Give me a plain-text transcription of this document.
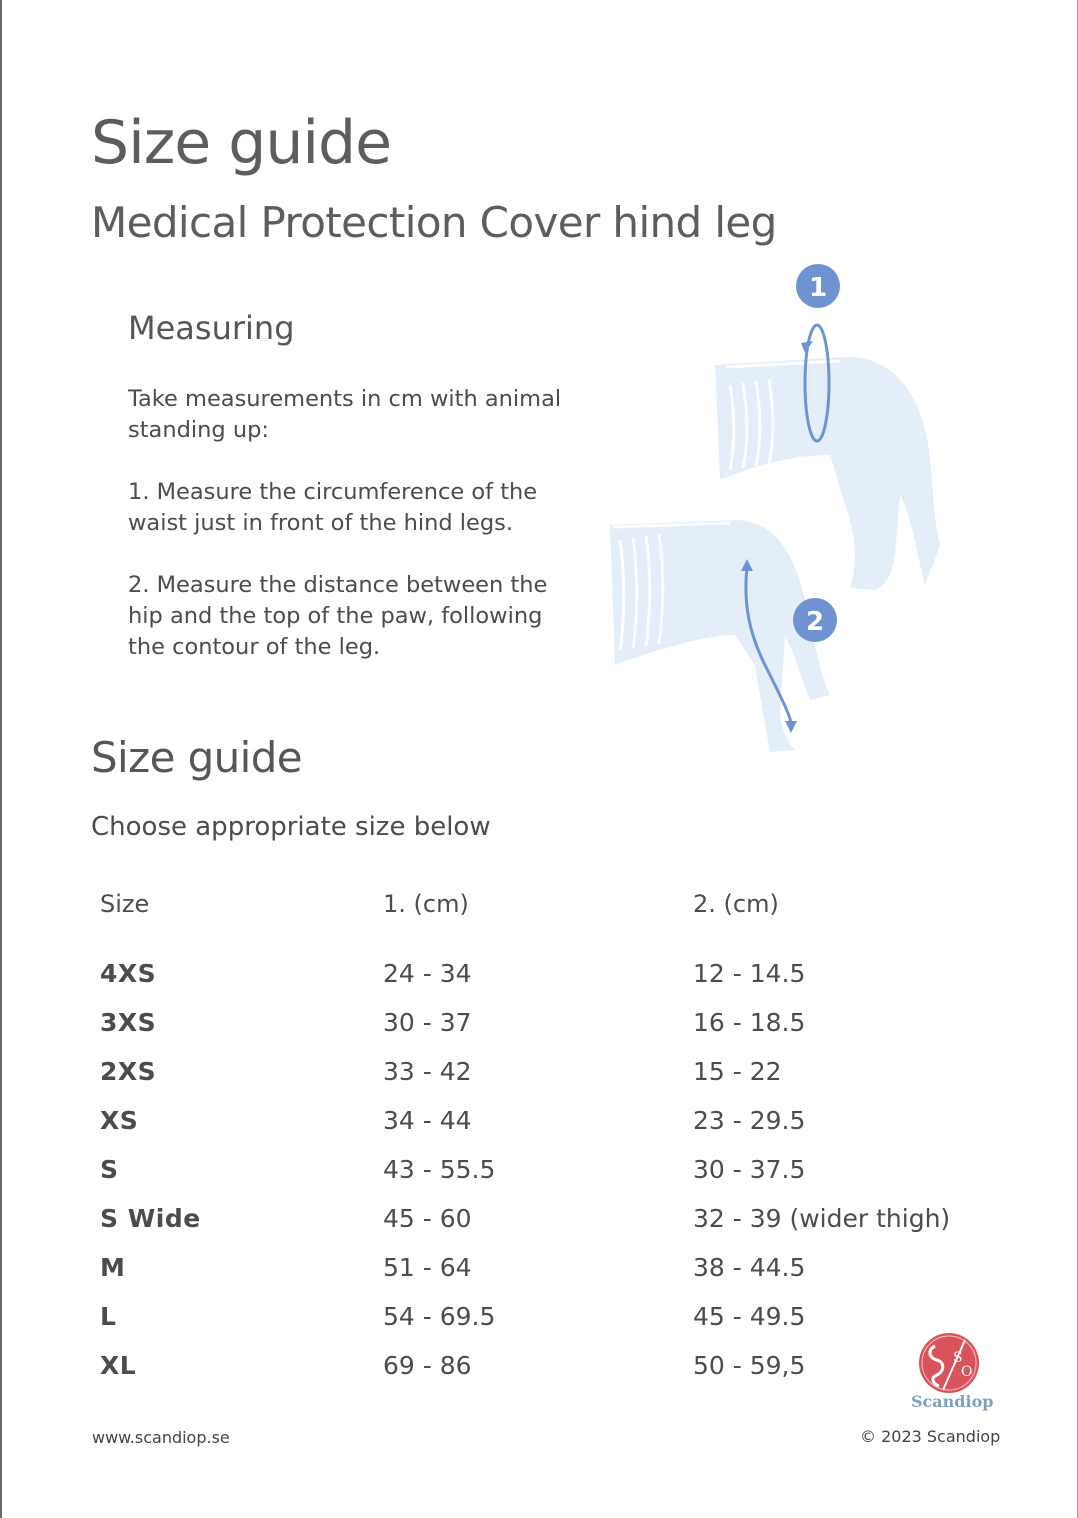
Size guide
Medical Protection Cover hind leg
Measuring
Take measurements in cm with animal
standing up:
1. Measure the circumference of the
waist just in front of the hind legs.
2. Measure the distance between the
hip and the top of the paw, following
the contour of the leg.
1
2
Size guide
Choose appropriate size below
Size	1. (cm)	2. (cm)
4XS	24 - 34	12 - 14.5
3XS	30 - 37	16 - 18.5
2XS	33 - 42	15 - 22
XS	34 - 44	23 - 29.5
S	43 - 55.5	30 - 37.5
S Wide	45 - 60	32 - 39 (wider thigh)
M	51 - 64	38 - 44.5
L	54 - 69.5	45 - 49.5
XL	69 - 86	50 - 59,5	S
O
Scandiop
www.scandiop.se	© 2023 Scandiop
